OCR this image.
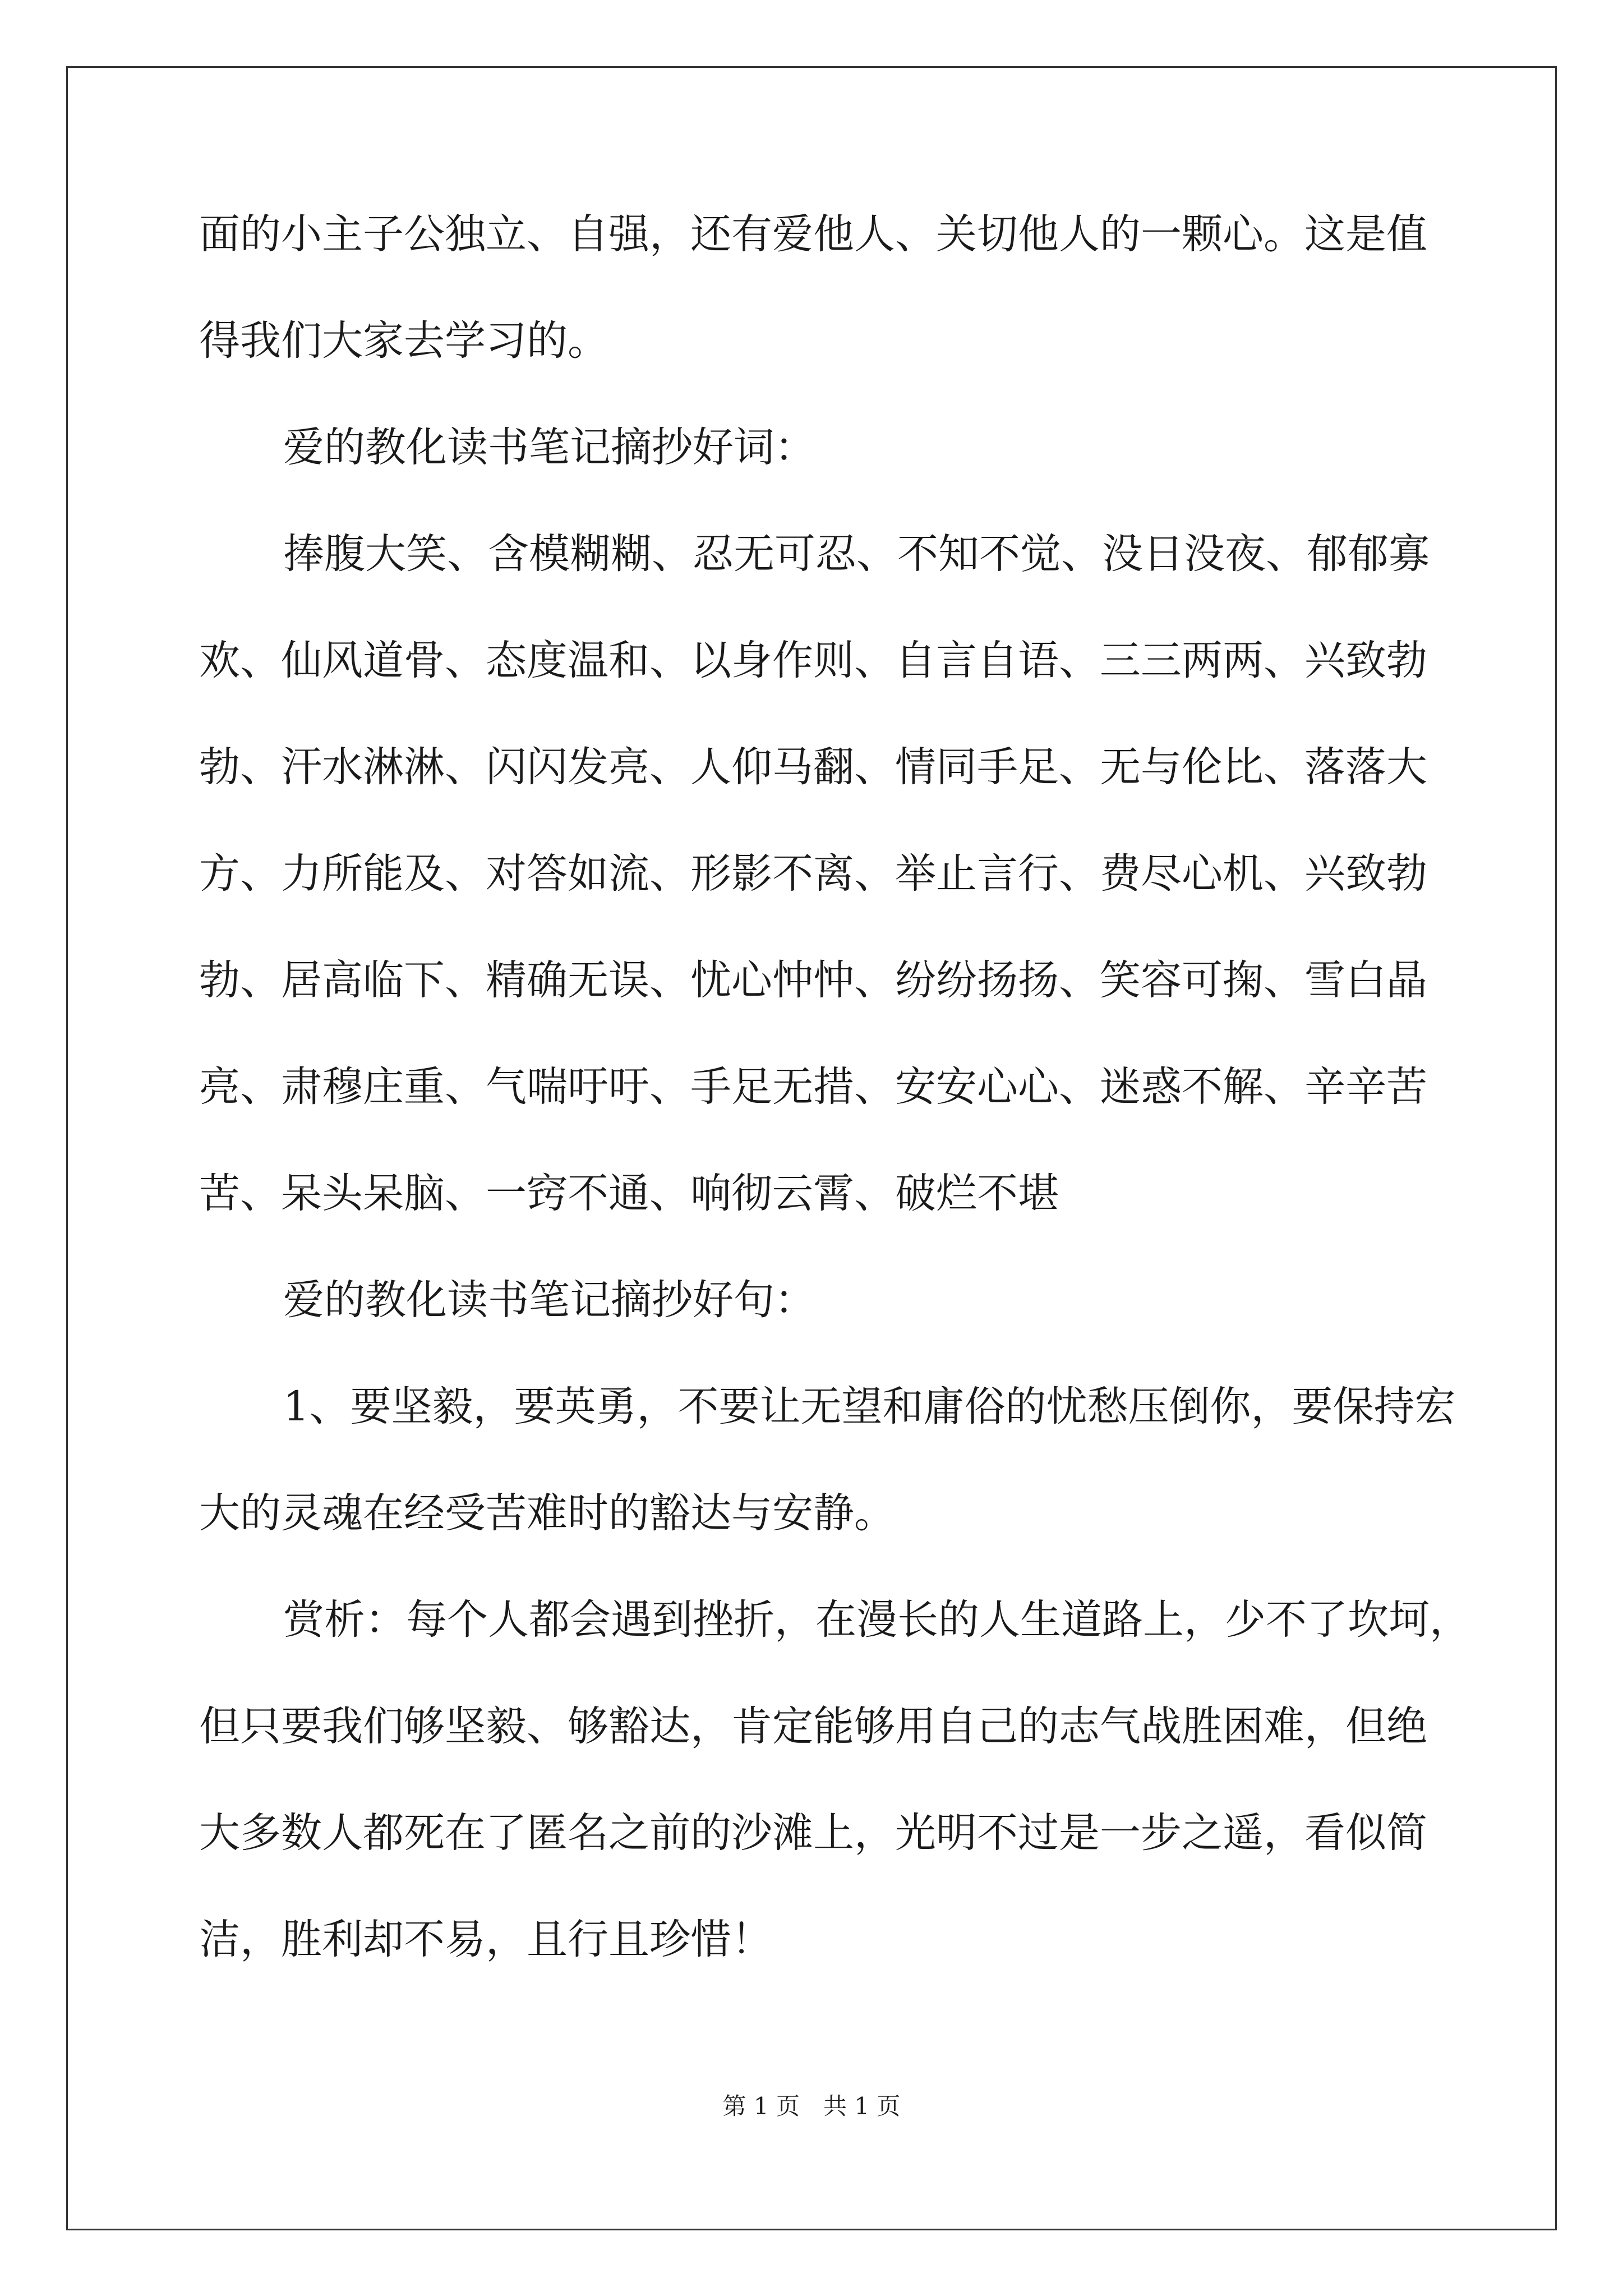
面的小主子公独立、自强，还有爱他人、关切他人的一颗心。这是值
得我们大家去学习的。
爱的教化读书笔记摘抄好词：
捧腹大笑、含模糊糊、忍无可忍、不知不觉、没日没夜、郁郁寡
欢、仙风道骨、态度温和、以身作则、自言自语、三三两两、兴致勃
勃、汗水淋淋、闪闪发亮、人仰马翻、情同手足、无与伦比、落落大
方、力所能及、对答如流、形影不离、举止言行、费尽心机、兴致勃
勃、居高临下、精确无误、忧心忡忡、纷纷扬扬、笑容可掬、雪白晶
亮、肃穆庄重、气喘吁吁、手足无措、安安心心、迷惑不解、辛辛苦
苦、呆头呆脑、一窍不通、响彻云霄、破烂不堪
爱的教化读书笔记摘抄好句：
1、要坚毅，要英勇，不要让无望和庸俗的忧愁压倒你，要保持宏
大的灵魂在经受苦难时的豁达与安静。
赏析：每个人都会遇到挫折，在漫长的人生道路上，少不了坎坷，
但只要我们够坚毅、够豁达，肯定能够用自己的志气战胜困难，但绝
大多数人都死在了匿名之前的沙滩上，光明不过是一步之遥，看似简
洁，胜利却不易，且行且珍惜！
第 1 页　共 1 页
